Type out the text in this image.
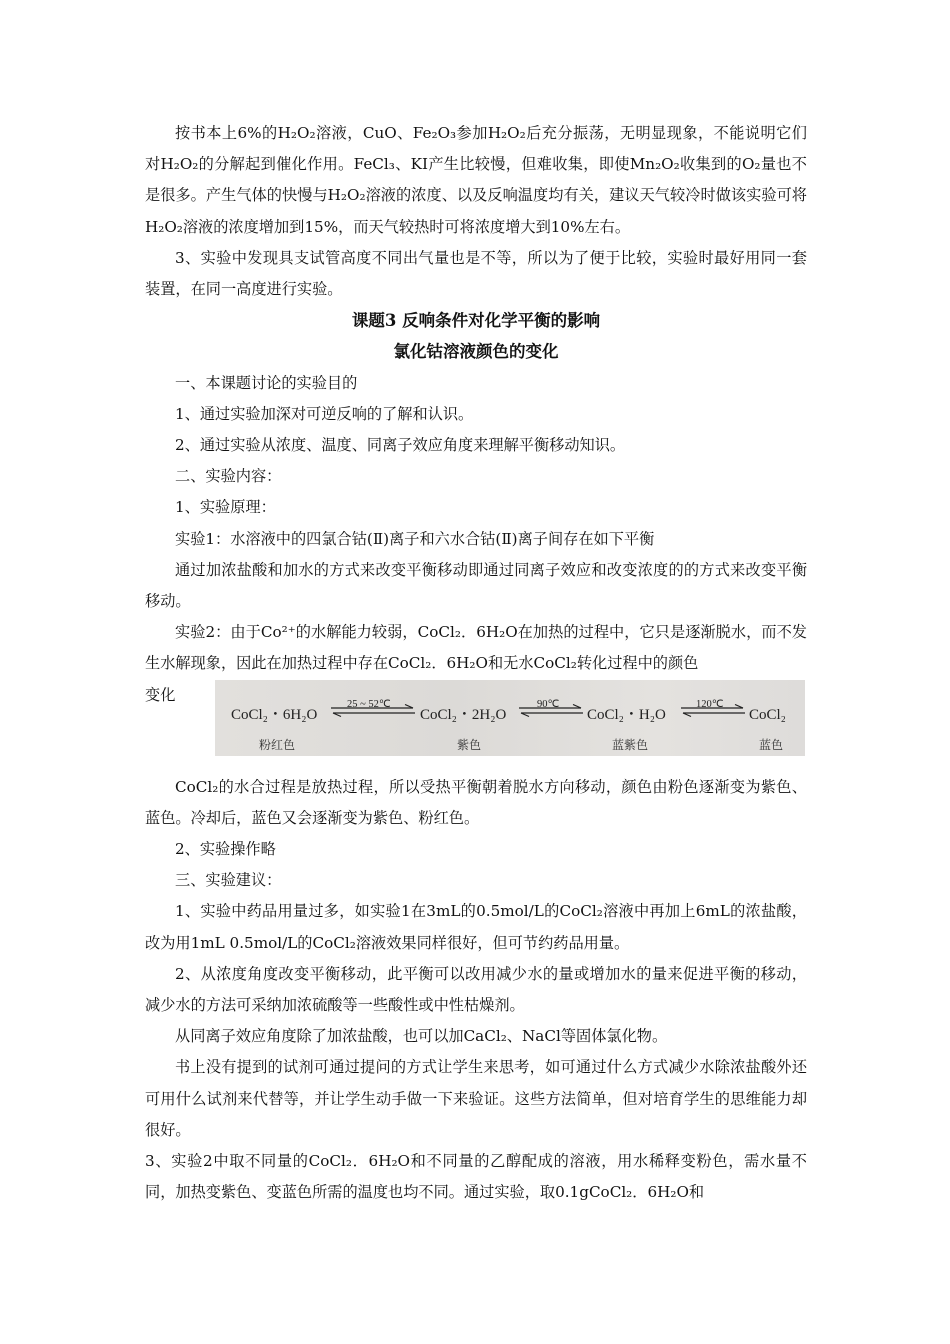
按书本上6%的H₂O₂溶液，CuO、Fe₂O₃参加H₂O₂后充分振荡，无明显现象，不能说明它们对H₂O₂的分解起到催化作用。FeCl₃、KI产生比较慢，但难收集，即使Mn₂O₂收集到的O₂量也不是很多。产生气体的快慢与H₂O₂溶液的浓度、以及反响温度均有关，建议天气较冷时做该实验可将H₂O₂溶液的浓度增加到15%，而天气较热时可将浓度增大到10%左右。

3、实验中发现具支试管高度不同出气量也是不等，所以为了便于比较，实验时最好用同一套装置，在同一高度进行实验。

课题3 反响条件对化学平衡的影响

氯化钴溶液颜色的变化

一、本课题讨论的实验目的

1、通过实验加深对可逆反响的了解和认识。

2、通过实验从浓度、温度、同离子效应角度来理解平衡移动知识。

二、实验内容：

1、实验原理：

实验1：水溶液中的四氯合钴(Ⅱ)离子和六水合钴(Ⅱ)离子间存在如下平衡

通过加浓盐酸和加水的方式来改变平衡移动即通过同离子效应和改变浓度的的方式来改变平衡移动。

实验2：由于Co²⁺的水解能力较弱，CoCl₂．6H₂O在加热的过程中，它只是逐渐脱水，而不发生水解现象，因此在加热过程中存在CoCl₂．6H₂O和无水CoCl₂转化过程中的颜色

变化
CoCl₂・6H₂O	CoCl₂・2H₂O	CoCl₂・H₂O	CoCl₂
粉红色	紫色	蓝紫色	蓝色
25 ~ 52℃	90℃	120℃

CoCl₂的水合过程是放热过程，所以受热平衡朝着脱水方向移动，颜色由粉色逐渐变为紫色、蓝色。冷却后，蓝色又会逐渐变为紫色、粉红色。

2、实验操作略

三、实验建议：

1、实验中药品用量过多，如实验1在3mL的0.5mol/L的CoCl₂溶液中再加上6mL的浓盐酸，改为用1mL 0.5mol/L的CoCl₂溶液效果同样很好，但可节约药品用量。

2、从浓度角度改变平衡移动，此平衡可以改用减少水的量或增加水的量来促进平衡的移动，减少水的方法可采纳加浓硫酸等一些酸性或中性枯燥剂。

从同离子效应角度除了加浓盐酸，也可以加CaCl₂、NaCl等固体氯化物。

书上没有提到的试剂可通过提问的方式让学生来思考，如可通过什么方式减少水除浓盐酸外还可用什么试剂来代替等，并让学生动手做一下来验证。这些方法简单，但对培育学生的思维能力却很好。

3、实验2中取不同量的CoCl₂．6H₂O和不同量的乙醇配成的溶液，用水稀释变粉色，需水量不同，加热变紫色、变蓝色所需的温度也均不同。通过实验，取0.1gCoCl₂．6H₂O和
